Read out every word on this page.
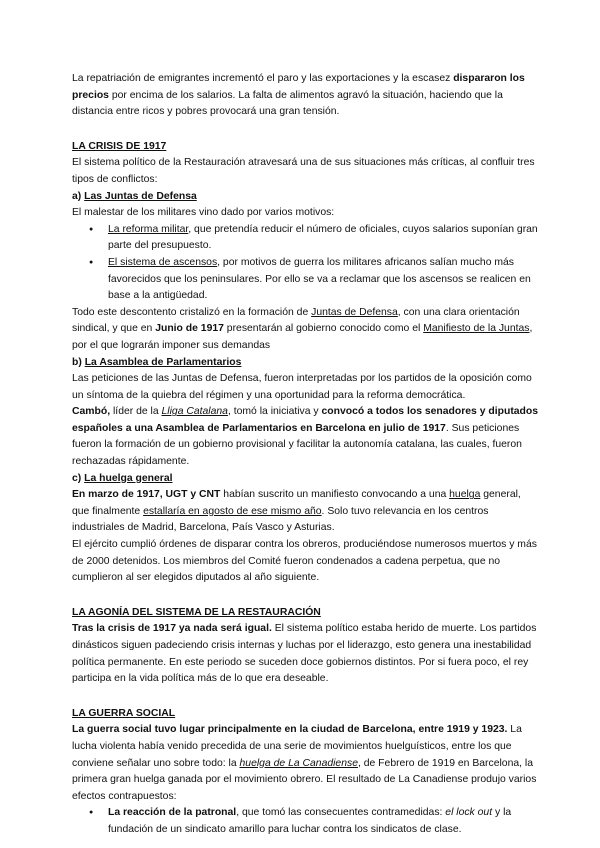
La repatriación de emigrantes incrementó el paro y las exportaciones y la escasez dispararon los precios por encima de los salarios. La falta de alimentos agravó la situación, haciendo que la distancia entre ricos y pobres provocará una gran tensión.

LA CRISIS DE 1917

El sistema político de la Restauración atravesará una de sus situaciones más críticas, al confluir tres tipos de conflictos:

a) Las Juntas de Defensa

El malestar de los militares vino dado por varios motivos:

● La reforma militar, que pretendía reducir el número de oficiales, cuyos salarios suponían gran parte del presupuesto.
● El sistema de ascensos, por motivos de guerra los militares africanos salían mucho más favorecidos que los peninsulares. Por ello se va a reclamar que los ascensos se realicen en base a la antigüedad.

Todo este descontento cristalizó en la formación de Juntas de Defensa, con una clara orientación sindical, y que en Junio de 1917 presentarán al gobierno conocido como el Manifiesto de la Juntas, por el que lograrán imponer sus demandas

b) La Asamblea de Parlamentarios

Las peticiones de las Juntas de Defensa, fueron interpretadas por los partidos de la oposición como un síntoma de la quiebra del régimen y una oportunidad para la reforma democrática.

Cambó, líder de la Lliga Catalana, tomó la iniciativa y convocó a todos los senadores y diputados españoles a una Asamblea de Parlamentarios en Barcelona en julio de 1917. Sus peticiones fueron la formación de un gobierno provisional y facilitar la autonomía catalana, las cuales, fueron rechazadas rápidamente.

c) La huelga general

En marzo de 1917, UGT y CNT habían suscrito un manifiesto convocando a una huelga general, que finalmente estallaría en agosto de ese mismo año. Solo tuvo relevancia en los centros industriales de Madrid, Barcelona, País Vasco y Asturias.

El ejército cumplió órdenes de disparar contra los obreros, produciéndose numerosos muertos y más de 2000 detenidos. Los miembros del Comité fueron condenados a cadena perpetua, que no cumplieron al ser elegidos diputados al año siguiente.

LA AGONÍA DEL SISTEMA DE LA RESTAURACIÓN

Tras la crisis de 1917 ya nada será igual. El sistema político estaba herido de muerte. Los partidos dinásticos siguen padeciendo crisis internas y luchas por el liderazgo, esto genera una inestabilidad política permanente. En este periodo se suceden doce gobiernos distintos. Por si fuera poco, el rey participa en la vida política más de lo que era deseable.

LA GUERRA SOCIAL

La guerra social tuvo lugar principalmente en la ciudad de Barcelona, entre 1919 y 1923. La lucha violenta había venido precedida de una serie de movimientos huelguísticos, entre los que conviene señalar uno sobre todo: la huelga de La Canadiense, de Febrero de 1919 en Barcelona, la primera gran huelga ganada por el movimiento obrero. El resultado de La Canadiense produjo varios efectos contrapuestos:

● La reacción de la patronal, que tomó las consecuentes contramedidas: el lock out y la fundación de un sindicato amarillo para luchar contra los sindicatos de clase.
